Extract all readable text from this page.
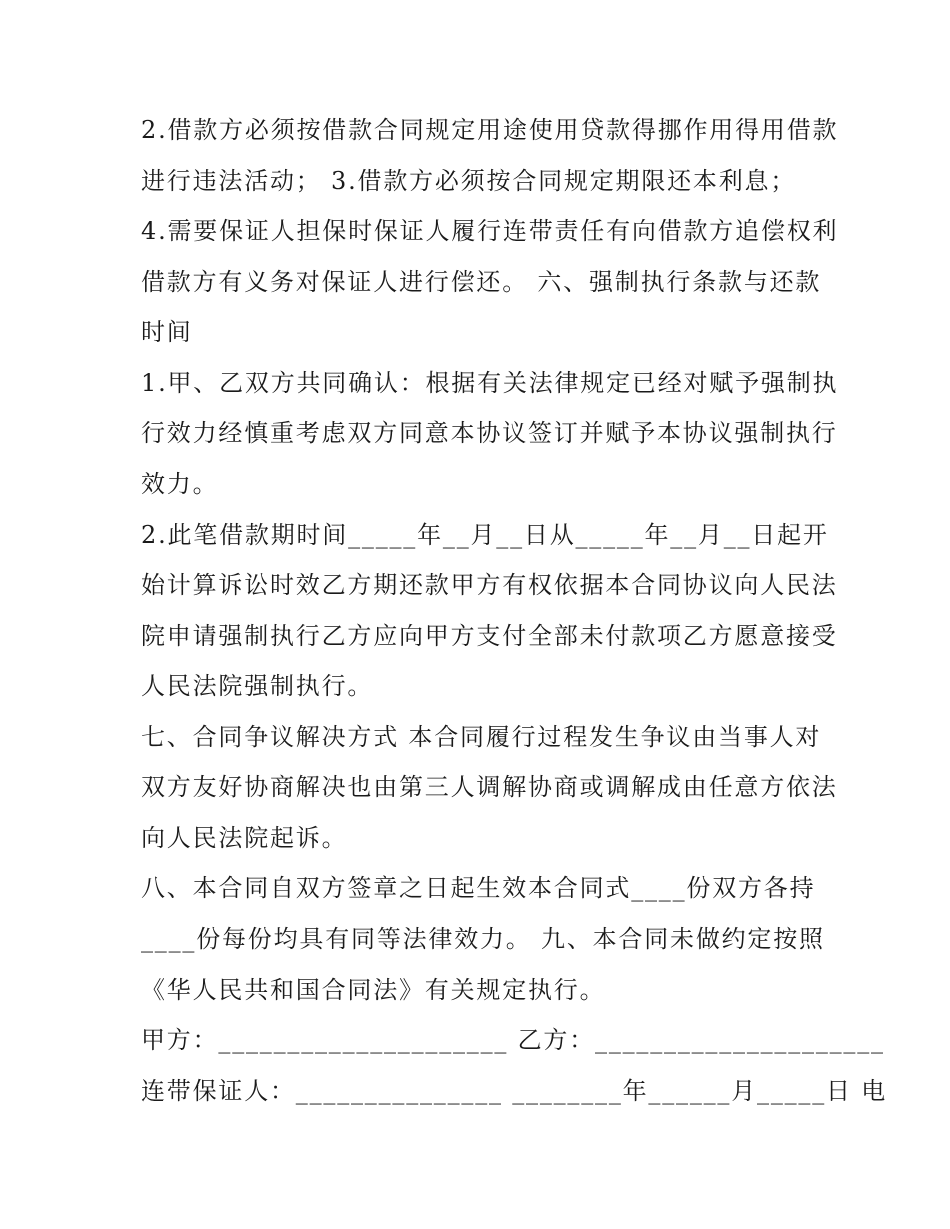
2.借款方必须按借款合同规定用途使用贷款得挪作用得用借款
进行违法活动； 3.借款方必须按合同规定期限还本利息；
4.需要保证人担保时保证人履行连带责任有向借款方追偿权利
借款方有义务对保证人进行偿还。 六、强制执行条款与还款
时间
1.甲、乙双方共同确认：根据有关法律规定已经对赋予强制执
行效力经慎重考虑双方同意本协议签订并赋予本协议强制执行
效力。
2.此笔借款期时间_____年__月__日从_____年__月__日起开
始计算诉讼时效乙方期还款甲方有权依据本合同协议向人民法
院申请强制执行乙方应向甲方支付全部未付款项乙方愿意接受
人民法院强制执行。
七、合同争议解决方式 本合同履行过程发生争议由当事人对
双方友好协商解决也由第三人调解协商或调解成由任意方依法
向人民法院起诉。
八、本合同自双方签章之日起生效本合同式____份双方各持
____份每份均具有同等法律效力。 九、本合同未做约定按照
《华人民共和国合同法》有关规定执行。
甲方：_____________________ 乙方：_____________________
连带保证人：_______________ ________年______月_____日 电
